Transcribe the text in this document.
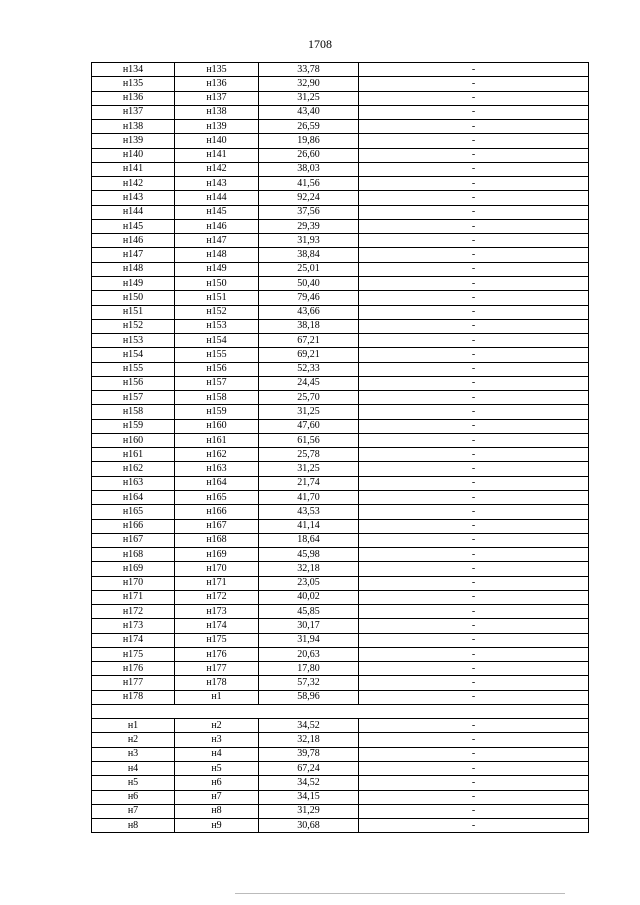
1708
н134	н135	33,78	-
н135	н136	32,90	-
н136	н137	31,25	-
н137	н138	43,40	-
н138	н139	26,59	-
н139	н140	19,86	-
н140	н141	26,60	-
н141	н142	38,03	-
н142	н143	41,56	-
н143	н144	92,24	-
н144	н145	37,56	-
н145	н146	29,39	-
н146	н147	31,93	-
н147	н148	38,84	-
н148	н149	25,01	-
н149	н150	50,40	-
н150	н151	79,46	-
н151	н152	43,66	-
н152	н153	38,18	-
н153	н154	67,21	-
н154	н155	69,21	-
н155	н156	52,33	-
н156	н157	24,45	-
н157	н158	25,70	-
н158	н159	31,25	-
н159	н160	47,60	-
н160	н161	61,56	-
н161	н162	25,78	-
н162	н163	31,25	-
н163	н164	21,74	-
н164	н165	41,70	-
н165	н166	43,53	-
н166	н167	41,14	-
н167	н168	18,64	-
н168	н169	45,98	-
н169	н170	32,18	-
н170	н171	23,05	-
н171	н172	40,02	-
н172	н173	45,85	-
н173	н174	30,17	-
н174	н175	31,94	-
н175	н176	20,63	-
н176	н177	17,80	-
н177	н178	57,32	-
н178	н1	58,96	-

н1	н2	34,52	-
н2	н3	32,18	-
н3	н4	39,78	-
н4	н5	67,24	-
н5	н6	34,52	-
н6	н7	34,15	-
н7	н8	31,29	-
н8	н9	30,68	-
